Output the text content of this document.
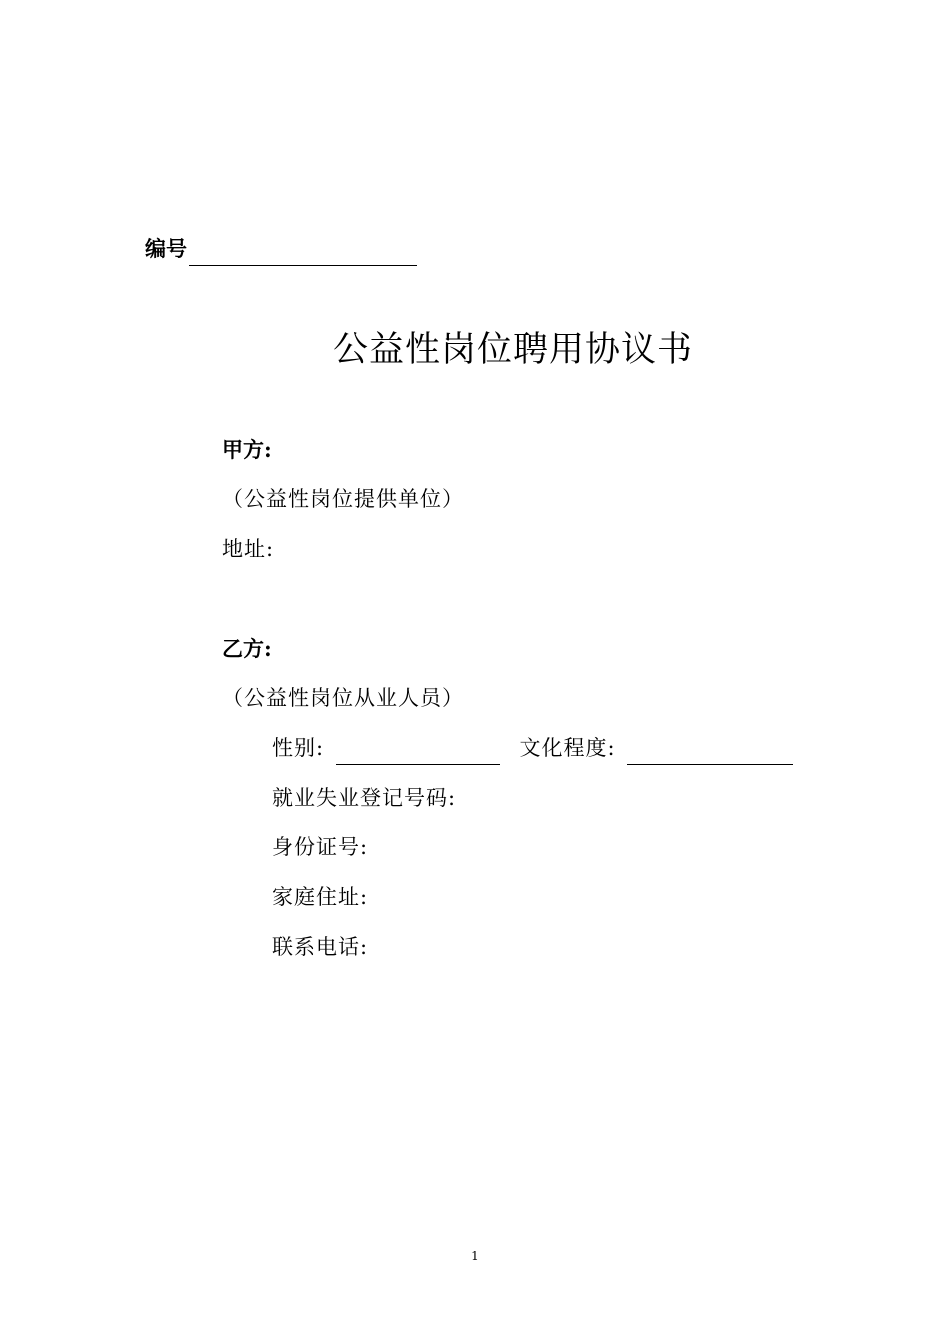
编号
公益性岗位聘用协议书
甲方:
（公益性岗位提供单位）
地址:
乙方:
（公益性岗位从业人员）
性别:	文化程度:
就业失业登记号码:
身份证号:
家庭住址:
联系电话:
1
